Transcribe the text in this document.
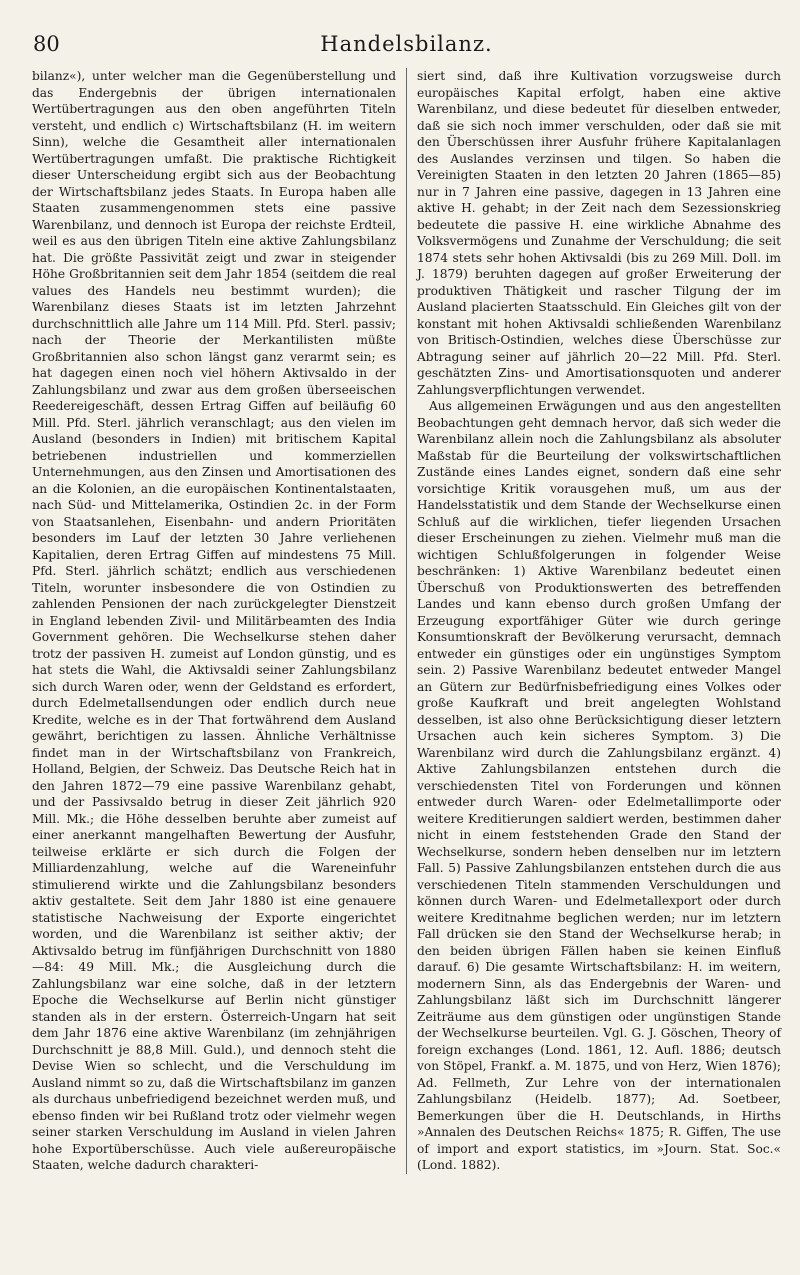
80	Handelsbilanz.

bilanz«), unter welcher man die Gegenüberstellung und das Endergebnis der übrigen internationalen Wertübertragungen aus den oben angeführten Titeln versteht, und endlich c) Wirtschaftsbilanz (H. im weitern Sinn), welche die Gesamtheit aller internationalen Wertübertragungen umfaßt. Die praktische Richtigkeit dieser Unterscheidung ergibt sich aus der Beobachtung der Wirtschaftsbilanz jedes Staats. In Europa haben alle Staaten zusammengenommen stets eine passive Warenbilanz, und dennoch ist Europa der reichste Erdteil, weil es aus den übrigen Titeln eine aktive Zahlungsbilanz hat. Die größte Passivität zeigt und zwar in steigender Höhe Großbritannien seit dem Jahr 1854 (seitdem die real values des Handels neu bestimmt wurden); die Warenbilanz dieses Staats ist im letzten Jahrzehnt durchschnittlich alle Jahre um 114 Mill. Pfd. Sterl. passiv; nach der Theorie der Merkantilisten müßte Großbritannien also schon längst ganz verarmt sein; es hat dagegen einen noch viel höhern Aktivsaldo in der Zahlungsbilanz und zwar aus dem großen überseeischen Reedereigeschäft, dessen Ertrag Giffen auf beiläufig 60 Mill. Pfd. Sterl. jährlich veranschlagt; aus den vielen im Ausland (besonders in Indien) mit britischem Kapital betriebenen industriellen und kommerziellen Unternehmungen, aus den Zinsen und Amortisationen des an die Kolonien, an die europäischen Kontinentalstaaten, nach Süd- und Mittelamerika, Ostindien 2c. in der Form von Staatsanlehen, Eisenbahn- und andern Prioritäten besonders im Lauf der letzten 30 Jahre verliehenen Kapitalien, deren Ertrag Giffen auf mindestens 75 Mill. Pfd. Sterl. jährlich schätzt; endlich aus verschiedenen Titeln, worunter insbesondere die von Ostindien zu zahlenden Pensionen der nach zurückgelegter Dienstzeit in England lebenden Zivil- und Militärbeamten des India Government gehören. Die Wechselkurse stehen daher trotz der passiven H. zumeist auf London günstig, und es hat stets die Wahl, die Aktivsaldi seiner Zahlungsbilanz sich durch Waren oder, wenn der Geldstand es erfordert, durch Edelmetallsendungen oder endlich durch neue Kredite, welche es in der That fortwährend dem Ausland gewährt, berichtigen zu lassen. Ähnliche Verhältnisse findet man in der Wirtschaftsbilanz von Frankreich, Holland, Belgien, der Schweiz. Das Deutsche Reich hat in den Jahren 1872—79 eine passive Warenbilanz gehabt, und der Passivsaldo betrug in dieser Zeit jährlich 920 Mill. Mk.; die Höhe desselben beruhte aber zumeist auf einer anerkannt mangelhaften Bewertung der Ausfuhr, teilweise erklärte er sich durch die Folgen der Milliardenzahlung, welche auf die Wareneinfuhr stimulierend wirkte und die Zahlungsbilanz besonders aktiv gestaltete. Seit dem Jahr 1880 ist eine genauere statistische Nachweisung der Exporte eingerichtet worden, und die Warenbilanz ist seither aktiv; der Aktivsaldo betrug im fünfjährigen Durchschnitt von 1880—84: 49 Mill. Mk.; die Ausgleichung durch die Zahlungsbilanz war eine solche, daß in der letztern Epoche die Wechselkurse auf Berlin nicht günstiger standen als in der erstern. Österreich-Ungarn hat seit dem Jahr 1876 eine aktive Warenbilanz (im zehnjährigen Durchschnitt je 88,8 Mill. Guld.), und dennoch steht die Devise Wien so schlecht, und die Verschuldung im Ausland nimmt so zu, daß die Wirtschaftsbilanz im ganzen als durchaus unbefriedigend bezeichnet werden muß, und ebenso finden wir bei Rußland trotz oder vielmehr wegen seiner starken Verschuldung im Ausland in vielen Jahren hohe Exportüberschüsse. Auch viele außereuropäische Staaten, welche dadurch charakteri-

siert sind, daß ihre Kultivation vorzugsweise durch europäisches Kapital erfolgt, haben eine aktive Warenbilanz, und diese bedeutet für dieselben entweder, daß sie sich noch immer verschulden, oder daß sie mit den Überschüssen ihrer Ausfuhr frühere Kapitalanlagen des Auslandes verzinsen und tilgen. So haben die Vereinigten Staaten in den letzten 20 Jahren (1865—85) nur in 7 Jahren eine passive, dagegen in 13 Jahren eine aktive H. gehabt; in der Zeit nach dem Sezessionskrieg bedeutete die passive H. eine wirkliche Abnahme des Volksvermögens und Zunahme der Verschuldung; die seit 1874 stets sehr hohen Aktivsaldi (bis zu 269 Mill. Doll. im J. 1879) beruhten dagegen auf großer Erweiterung der produktiven Thätigkeit und rascher Tilgung der im Ausland placierten Staatsschuld. Ein Gleiches gilt von der konstant mit hohen Aktivsaldi schließenden Warenbilanz von Britisch-Ostindien, welches diese Überschüsse zur Abtragung seiner auf jährlich 20—22 Mill. Pfd. Sterl. geschätzten Zins- und Amortisationsquoten und anderer Zahlungsverpflichtungen verwendet.

Aus allgemeinen Erwägungen und aus den angestellten Beobachtungen geht demnach hervor, daß sich weder die Warenbilanz allein noch die Zahlungsbilanz als absoluter Maßstab für die Beurteilung der volkswirtschaftlichen Zustände eines Landes eignet, sondern daß eine sehr vorsichtige Kritik vorausgehen muß, um aus der Handelsstatistik und dem Stande der Wechselkurse einen Schluß auf die wirklichen, tiefer liegenden Ursachen dieser Erscheinungen zu ziehen. Vielmehr muß man die wichtigen Schlußfolgerungen in folgender Weise beschränken: 1) Aktive Warenbilanz bedeutet einen Überschuß von Produktionswerten des betreffenden Landes und kann ebenso durch großen Umfang der Erzeugung exportfähiger Güter wie durch geringe Konsumtionskraft der Bevölkerung verursacht, demnach entweder ein günstiges oder ein ungünstiges Symptom sein. 2) Passive Warenbilanz bedeutet entweder Mangel an Gütern zur Bedürfnisbefriedigung eines Volkes oder große Kaufkraft und breit angelegten Wohlstand desselben, ist also ohne Berücksichtigung dieser letztern Ursachen auch kein sicheres Symptom. 3) Die Warenbilanz wird durch die Zahlungsbilanz ergänzt. 4) Aktive Zahlungsbilanzen entstehen durch die verschiedensten Titel von Forderungen und können entweder durch Waren- oder Edelmetallimporte oder weitere Kreditierungen saldiert werden, bestimmen daher nicht in einem feststehenden Grade den Stand der Wechselkurse, sondern heben denselben nur im letztern Fall. 5) Passive Zahlungsbilanzen entstehen durch die aus verschiedenen Titeln stammenden Verschuldungen und können durch Waren- und Edelmetallexport oder durch weitere Kreditnahme beglichen werden; nur im letztern Fall drücken sie den Stand der Wechselkurse herab; in den beiden übrigen Fällen haben sie keinen Einfluß darauf. 6) Die gesamte Wirtschaftsbilanz: H. im weitern, modernern Sinn, als das Endergebnis der Waren- und Zahlungsbilanz läßt sich im Durchschnitt längerer Zeiträume aus dem günstigen oder ungünstigen Stande der Wechselkurse beurteilen. Vgl. G. J. Göschen, Theory of foreign exchanges (Lond. 1861, 12. Aufl. 1886; deutsch von Stöpel, Frankf. a. M. 1875, und von Herz, Wien 1876); Ad. Fellmeth, Zur Lehre von der internationalen Zahlungsbilanz (Heidelb. 1877); Ad. Soetbeer, Bemerkungen über die H. Deutschlands, in Hirths »Annalen des Deutschen Reichs« 1875; R. Giffen, The use of import and export statistics, im »Journ. Stat. Soc.« (Lond. 1882).
